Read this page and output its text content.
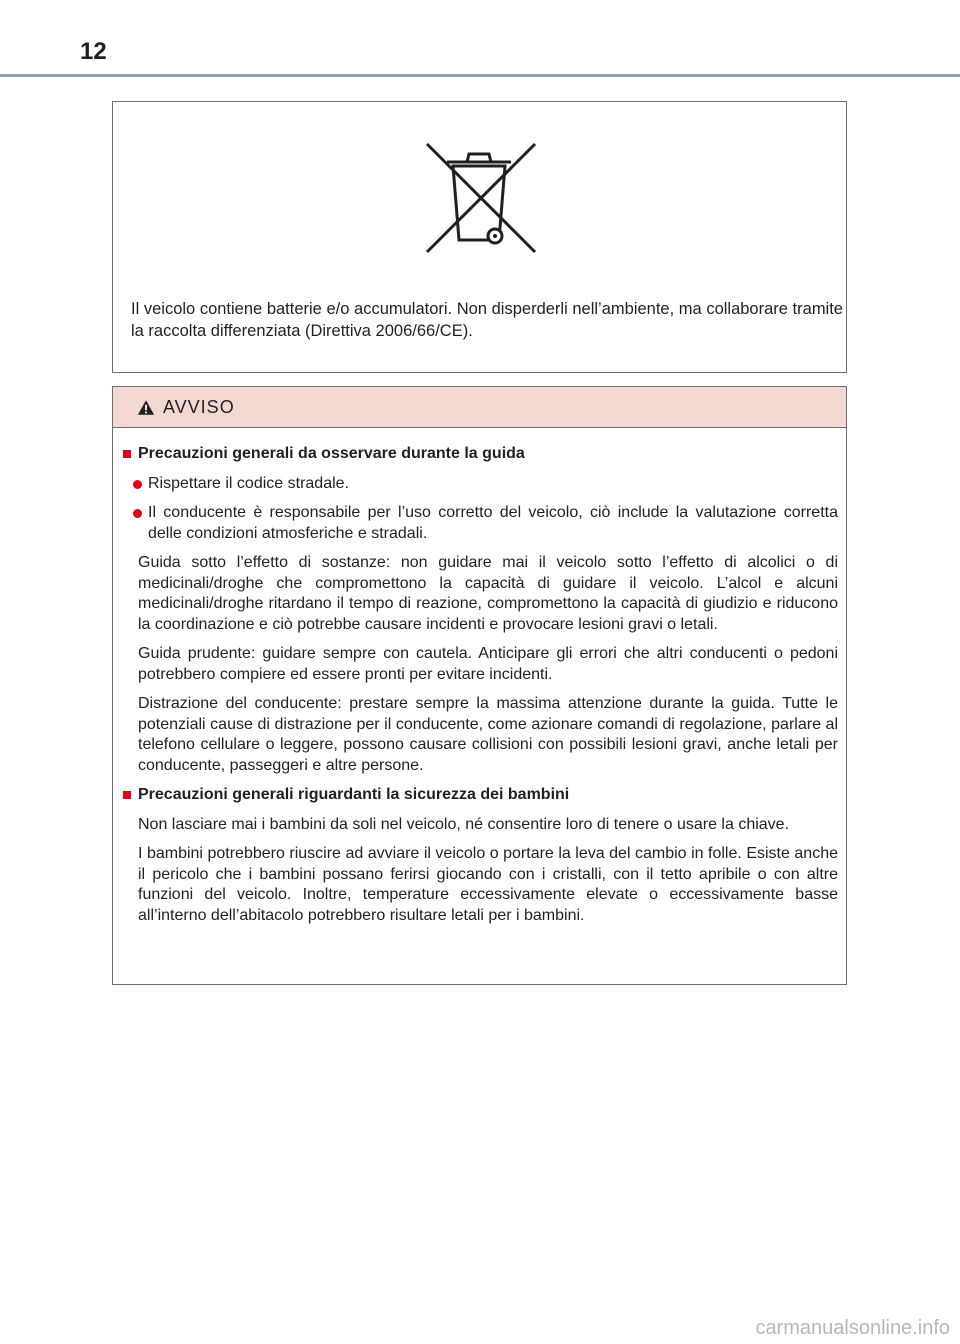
12
Il veicolo contiene batterie e/o accumulatori. Non disperderli nell’ambiente, ma collaborare tramite la raccolta differenziata (Direttiva 2006/66/CE).
AVVISO
Precauzioni generali da osservare durante la guida
Rispettare il codice stradale.
Il conducente è responsabile per l’uso corretto del veicolo, ciò include la valutazione corretta delle condizioni atmosferiche e stradali.
Guida sotto l’effetto di sostanze: non guidare mai il veicolo sotto l’effetto di alcolici o di medicinali/droghe che compromettono la capacità di guidare il veicolo. L’alcol e alcuni medicinali/droghe ritardano il tempo di reazione, compromettono la capacità di giudizio e riducono la coordinazione e ciò potrebbe causare incidenti e provocare lesioni gravi o letali.
Guida prudente: guidare sempre con cautela. Anticipare gli errori che altri conducenti o pedoni potrebbero compiere ed essere pronti per evitare incidenti.
Distrazione del conducente: prestare sempre la massima attenzione durante la guida. Tutte le potenziali cause di distrazione per il conducente, come azionare comandi di regolazione, parlare al telefono cellulare o leggere, possono causare collisioni con possibili lesioni gravi, anche letali per conducente, passeggeri e altre persone.
Precauzioni generali riguardanti la sicurezza dei bambini
Non lasciare mai i bambini da soli nel veicolo, né consentire loro di tenere o usare la chiave.
I bambini potrebbero riuscire ad avviare il veicolo o portare la leva del cambio in folle. Esiste anche il pericolo che i bambini possano ferirsi giocando con i cristalli, con il tetto apribile o con altre funzioni del veicolo. Inoltre, temperature eccessivamente elevate o eccessivamente basse all’interno dell’abitacolo potrebbero risultare letali per i bambini.
carmanualsonline.info
